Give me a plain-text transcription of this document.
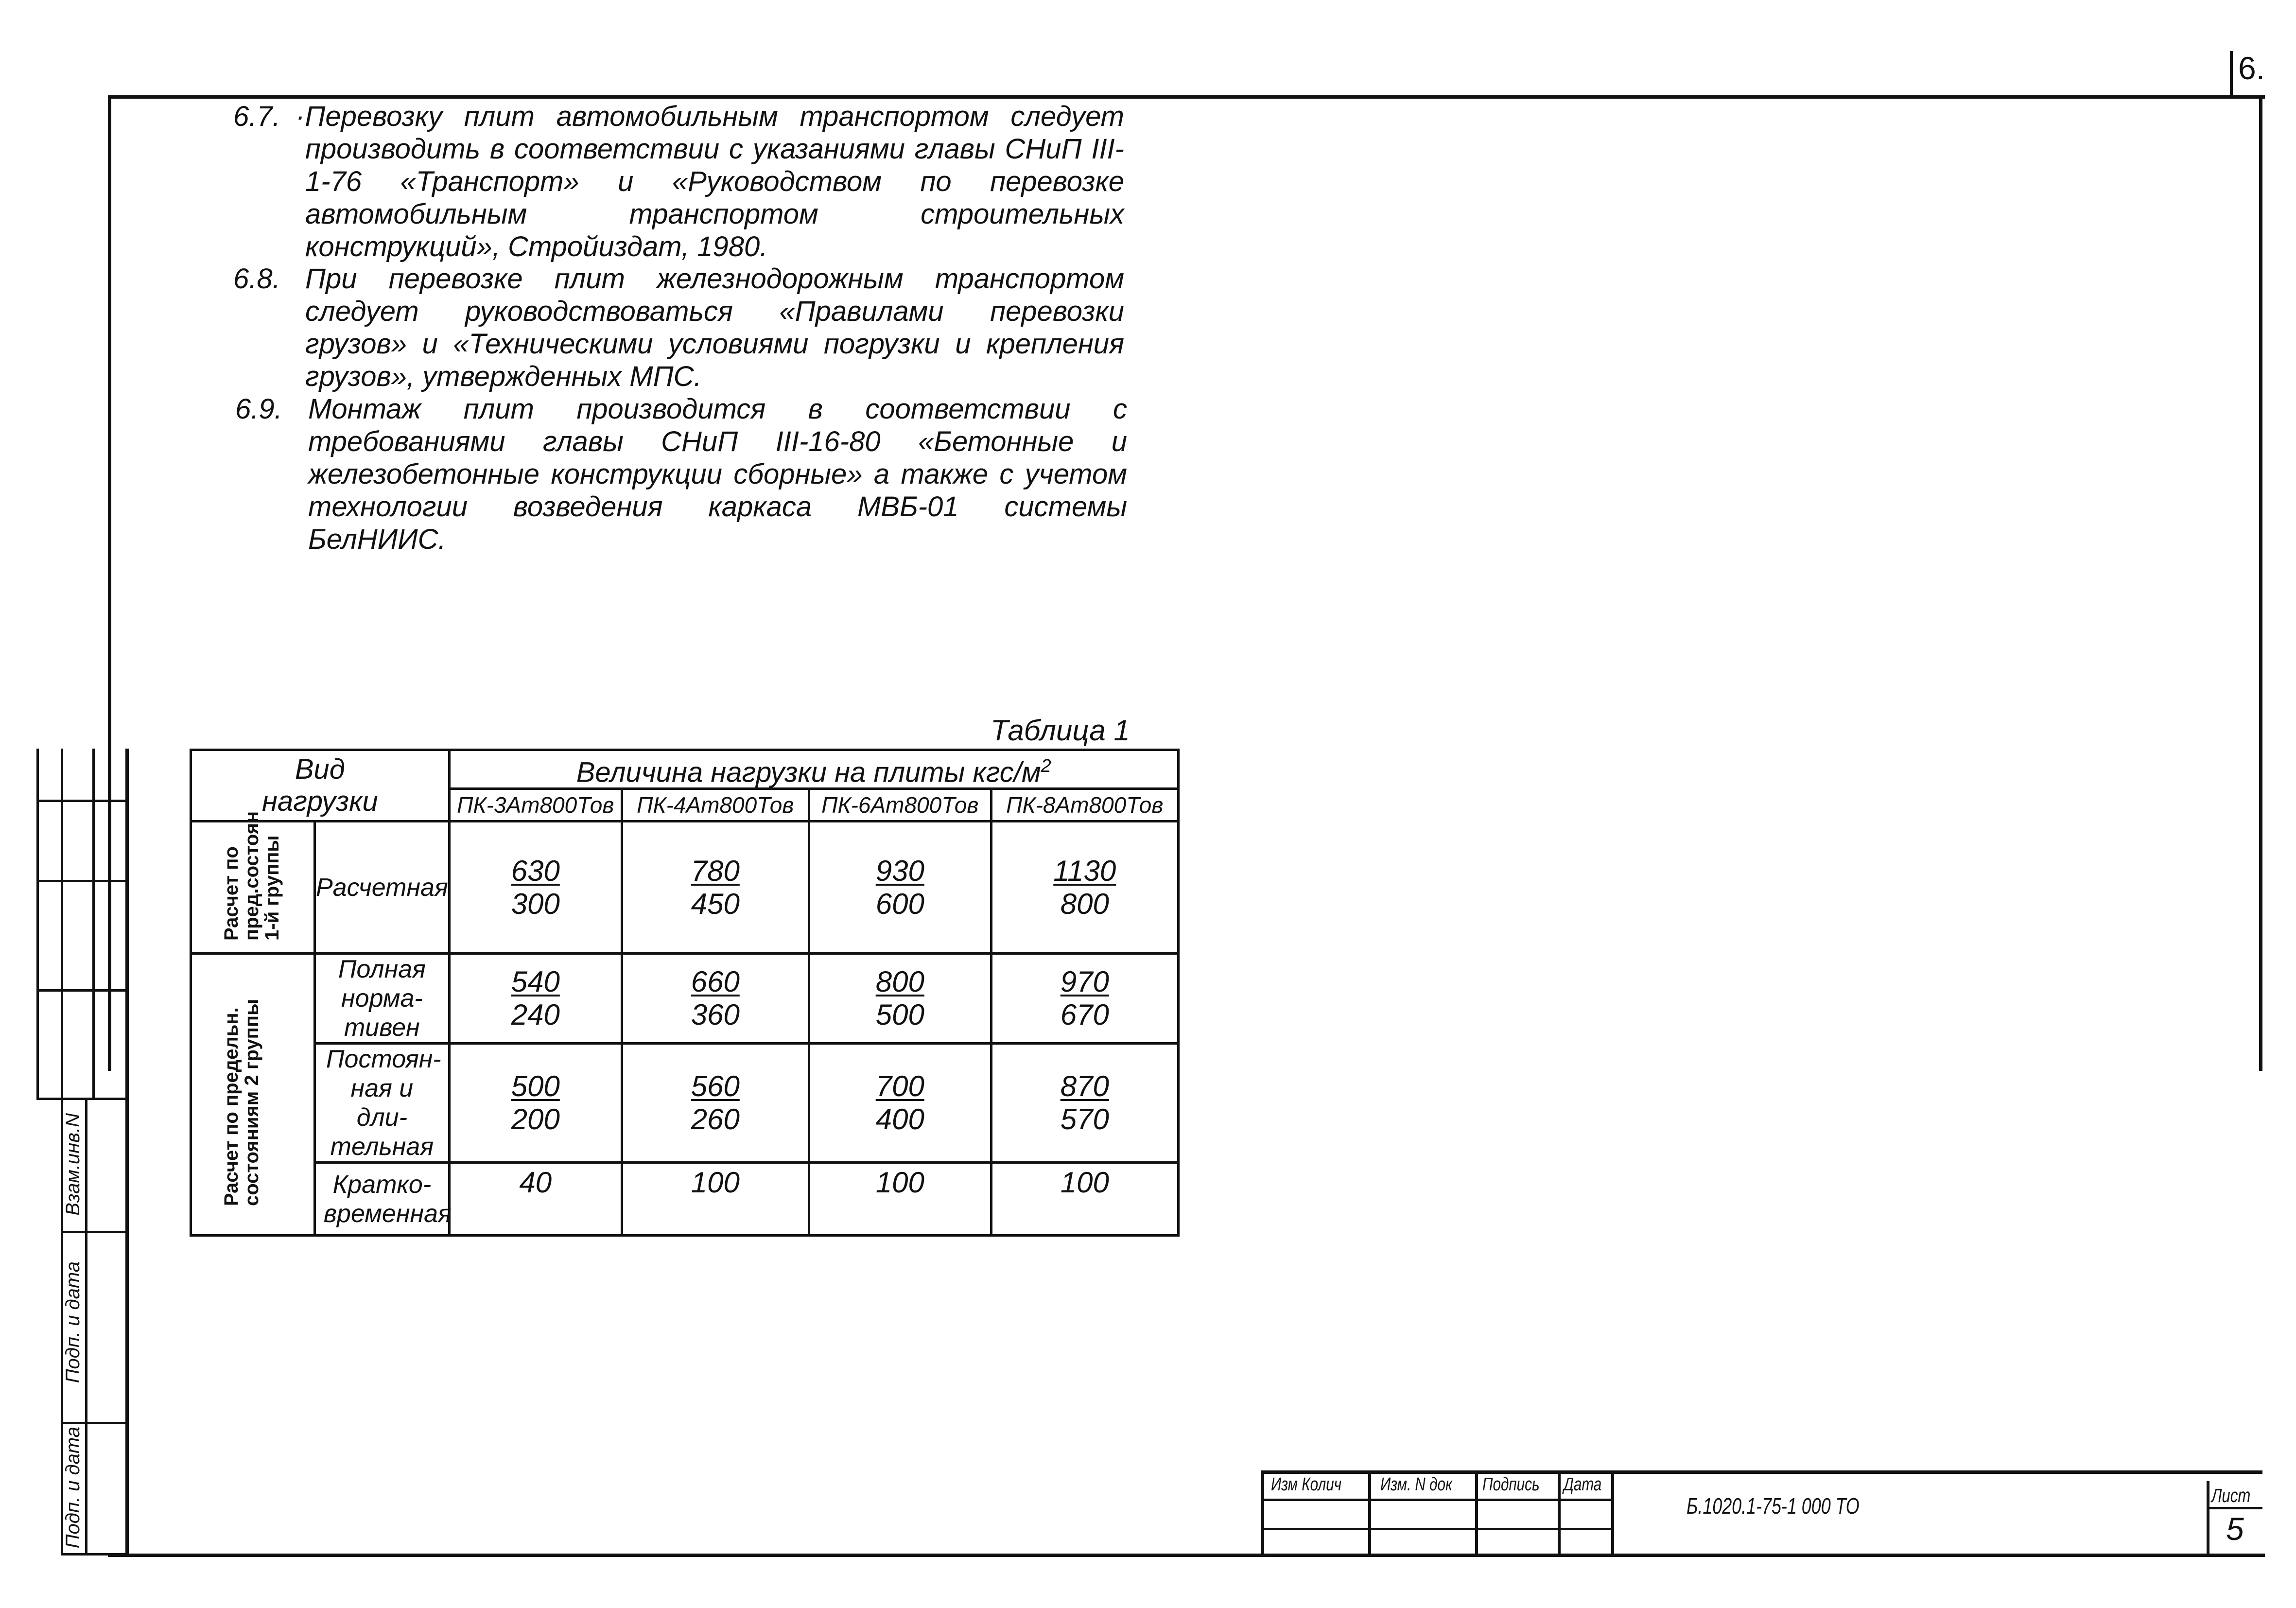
6.
6.7. ·Перевозку плит автомобильным транспортом следует
производить в соответствии с указаниями главы СНиП III-
1-76 «Транспорт» и «Руководством по перевозке
автомобильным транспортом строительных
конструкций», Стройиздат, 1980.
6.8. При перевозке плит железнодорожным транспортом
следует руководствоваться «Правилами перевозки
грузов» и «Техническими условиями погрузки и крепления
грузов», утвержденных МПС.
6.9. Монтаж плит производится в соответствии с
требованиями главы СНиП III-16-80 «Бетонные и
железобетонные конструкции сборные» а также с учетом
технологии возведения каркаса МВБ-01 системы
БелНИИС.
Таблица 1
Вид нагрузки		Величина нагрузки на плиты кгс/$м^2$
		ПК-3Ат800Тов	ПК-4Ат800Тов	ПК-6Ат800Тов	ПК-8Ат800Тов
Расчет по пред.состоян 1-й группы	Расчетная	$\frac{630}{300}$	$\frac{780}{450}$	$\frac{930}{600}$	$\frac{1130}{800}$

Расчет по предельн. состояниям 2 группы	Полная норма-тивен	$\frac{540}{240}$	$\frac{660}{360}$	$\frac{800}{500}$	$\frac{970}{670}$

	Постоян-ная и дли-тельная	$\frac{500}{200}$	$\frac{560}{260}$	$\frac{700}{400}$	$\frac{870}{570}$

	Кратко-временная	40	100	100	100
Взам.инв.N
Подп. и дата
Подп. и дата	Изм Колич Изм. N док Подпись Дата
Б.1020.1-75-1 000 ТО	Лист
5
